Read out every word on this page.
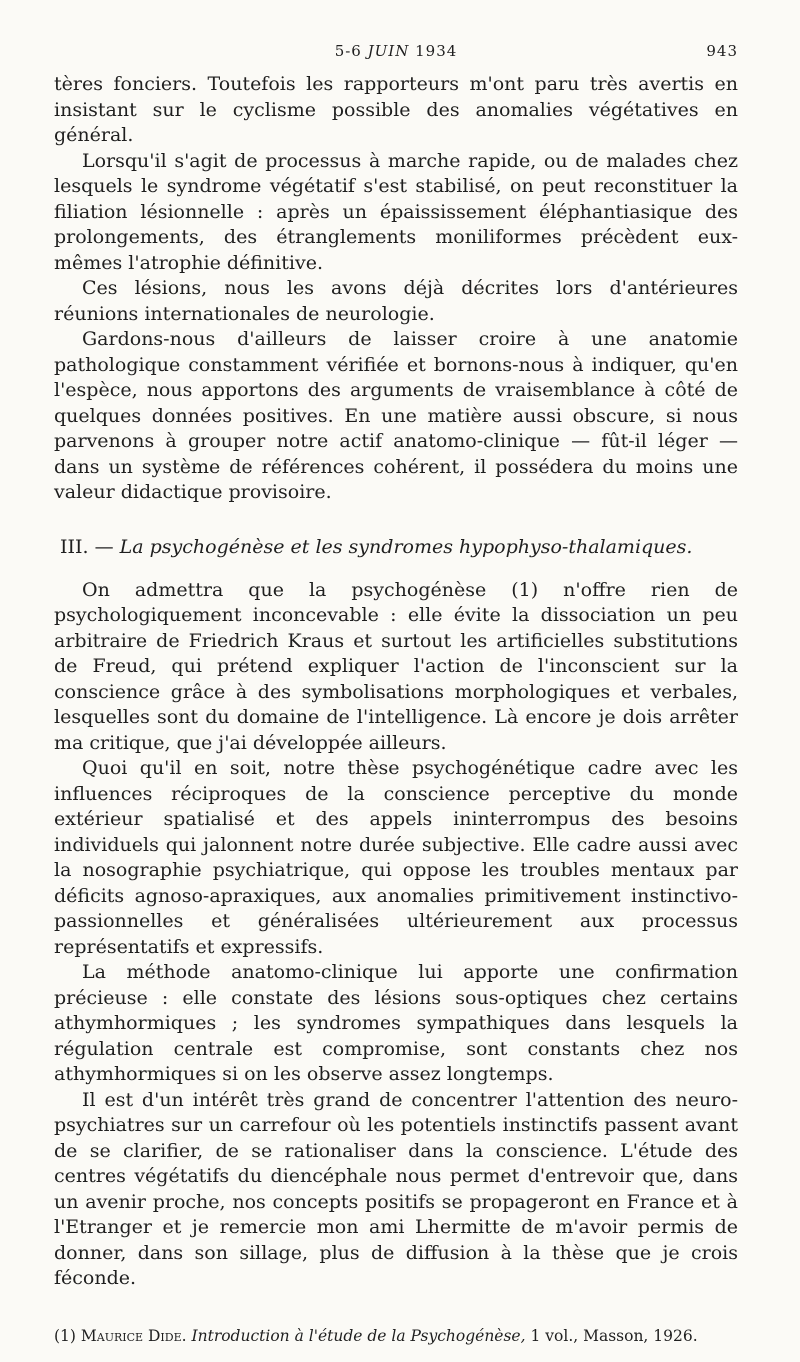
5-6 JUIN 1934	943

tères fonciers. Toutefois les rapporteurs m'ont paru très avertis en insistant sur le cyclisme possible des anomalies végétatives en général.

Lorsqu'il s'agit de processus à marche rapide, ou de malades chez lesquels le syndrome végétatif s'est stabilisé, on peut reconstituer la filiation lésionnelle : après un épaississement éléphantiasique des prolongements, des étranglements moniliformes précèdent eux-mêmes l'atrophie définitive.

Ces lésions, nous les avons déjà décrites lors d'antérieures réunions internationales de neurologie.

Gardons-nous d'ailleurs de laisser croire à une anatomie pathologique constamment vérifiée et bornons-nous à indiquer, qu'en l'espèce, nous apportons des arguments de vraisemblance à côté de quelques données positives. En une matière aussi obscure, si nous parvenons à grouper notre actif anatomo-clinique — fût-il léger — dans un système de références cohérent, il possédera du moins une valeur didactique provisoire.

III. — La psychogénèse et les syndromes hypophyso-thalamiques.

On admettra que la psychogénèse (1) n'offre rien de psychologiquement inconcevable : elle évite la dissociation un peu arbitraire de Friedrich Kraus et surtout les artificielles substitutions de Freud, qui prétend expliquer l'action de l'inconscient sur la conscience grâce à des symbolisations morphologiques et verbales, lesquelles sont du domaine de l'intelligence. Là encore je dois arrêter ma critique, que j'ai développée ailleurs.

Quoi qu'il en soit, notre thèse psychogénétique cadre avec les influences réciproques de la conscience perceptive du monde extérieur spatialisé et des appels ininterrompus des besoins individuels qui jalonnent notre durée subjective. Elle cadre aussi avec la nosographie psychiatrique, qui oppose les troubles mentaux par déficits agnoso-apraxiques, aux anomalies primitivement instinctivo-passionnelles et généralisées ultérieurement aux processus représentatifs et expressifs.

La méthode anatomo-clinique lui apporte une confirmation précieuse : elle constate des lésions sous-optiques chez certains athymhormiques ; les syndromes sympathiques dans lesquels la régulation centrale est compromise, sont constants chez nos athymhormiques si on les observe assez longtemps.

Il est d'un intérêt très grand de concentrer l'attention des neuro-psychiatres sur un carrefour où les potentiels instinctifs passent avant de se clarifier, de se rationaliser dans la conscience. L'étude des centres végétatifs du diencéphale nous permet d'entrevoir que, dans un avenir proche, nos concepts positifs se propageront en France et à l'Etranger et je remercie mon ami Lhermitte de m'avoir permis de donner, dans son sillage, plus de diffusion à la thèse que je crois féconde.

(1) Maurice Dide. Introduction à l'étude de la Psychogénèse, 1 vol., Masson, 1926.
